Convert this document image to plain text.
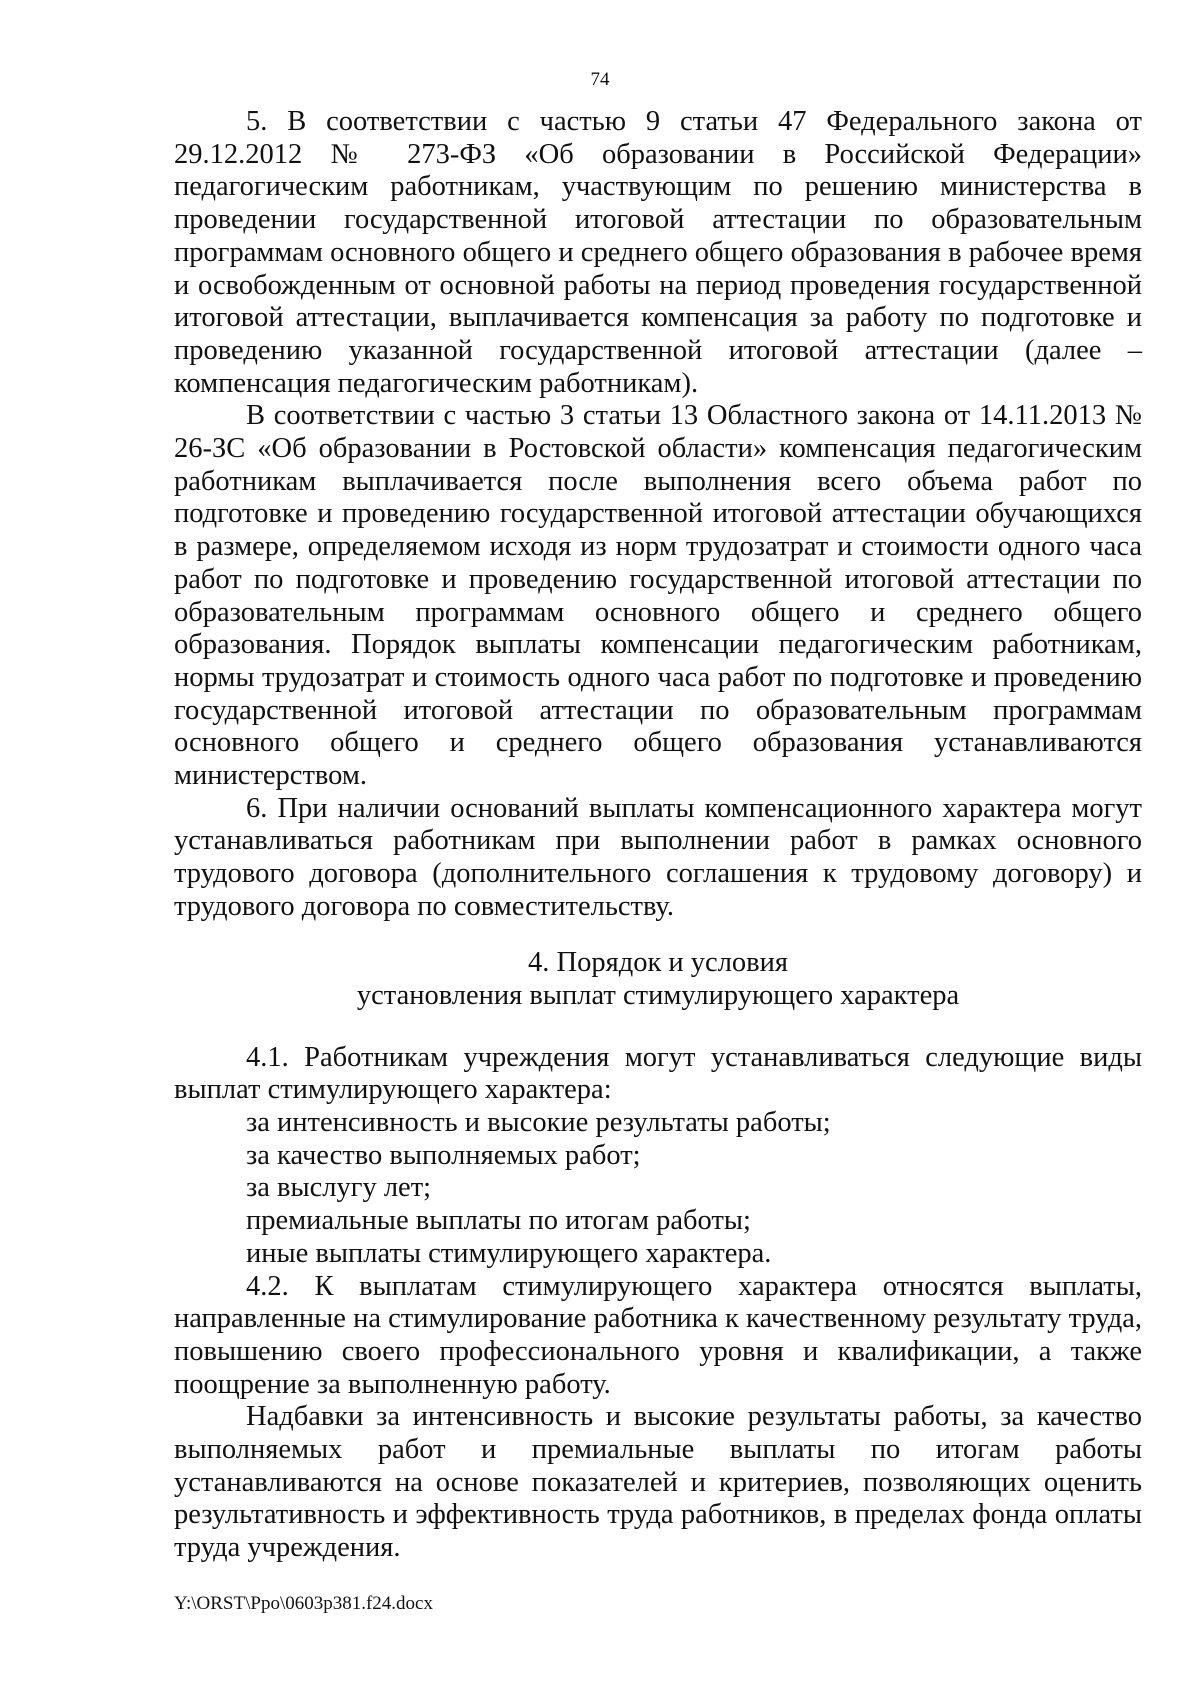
74

5. В соответствии с частью 9 статьи 47 Федерального закона от 29.12.2012 № 273-ФЗ «Об образовании в Российской Федерации» педагогическим работникам, участвующим по решению министерства в проведении государственной итоговой аттестации по образовательным программам основного общего и среднего общего образования в рабочее время и освобожденным от основной работы на период проведения государственной итоговой аттестации, выплачивается компенсация за работу по подготовке и проведению указанной государственной итоговой аттестации (далее – компенсация педагогическим работникам).

В соответствии с частью 3 статьи 13 Областного закона от 14.11.2013 № 26-ЗС «Об образовании в Ростовской области» компенсация педагогическим работникам выплачивается после выполнения всего объема работ по подготовке и проведению государственной итоговой аттестации обучающихся в размере, определяемом исходя из норм трудозатрат и стоимости одного часа работ по подготовке и проведению государственной итоговой аттестации по образовательным программам основного общего и среднего общего образования. Порядок выплаты компенсации педагогическим работникам, нормы трудозатрат и стоимость одного часа работ по подготовке и проведению государственной итоговой аттестации по образовательным программам основного общего и среднего общего образования устанавливаются министерством.

6. При наличии оснований выплаты компенсационного характера могут устанавливаться работникам при выполнении работ в рамках основного трудового договора (дополнительного соглашения к трудовому договору) и трудового договора по совместительству.

4. Порядок и условия
установления выплат стимулирующего характера

4.1. Работникам учреждения могут устанавливаться следующие виды выплат стимулирующего характера:

за интенсивность и высокие результаты работы;

за качество выполняемых работ;

за выслугу лет;

премиальные выплаты по итогам работы;

иные выплаты стимулирующего характера.

4.2. К выплатам стимулирующего характера относятся выплаты, направленные на стимулирование работника к качественному результату труда, повышению своего профессионального уровня и квалификации, а также поощрение за выполненную работу.

Надбавки за интенсивность и высокие результаты работы, за качество выполняемых работ и премиальные выплаты по итогам работы устанавливаются на основе показателей и критериев, позволяющих оценить результативность и эффективность труда работников, в пределах фонда оплаты труда учреждения.

Y:\ORST\Ppo\0603p381.f24.docx
